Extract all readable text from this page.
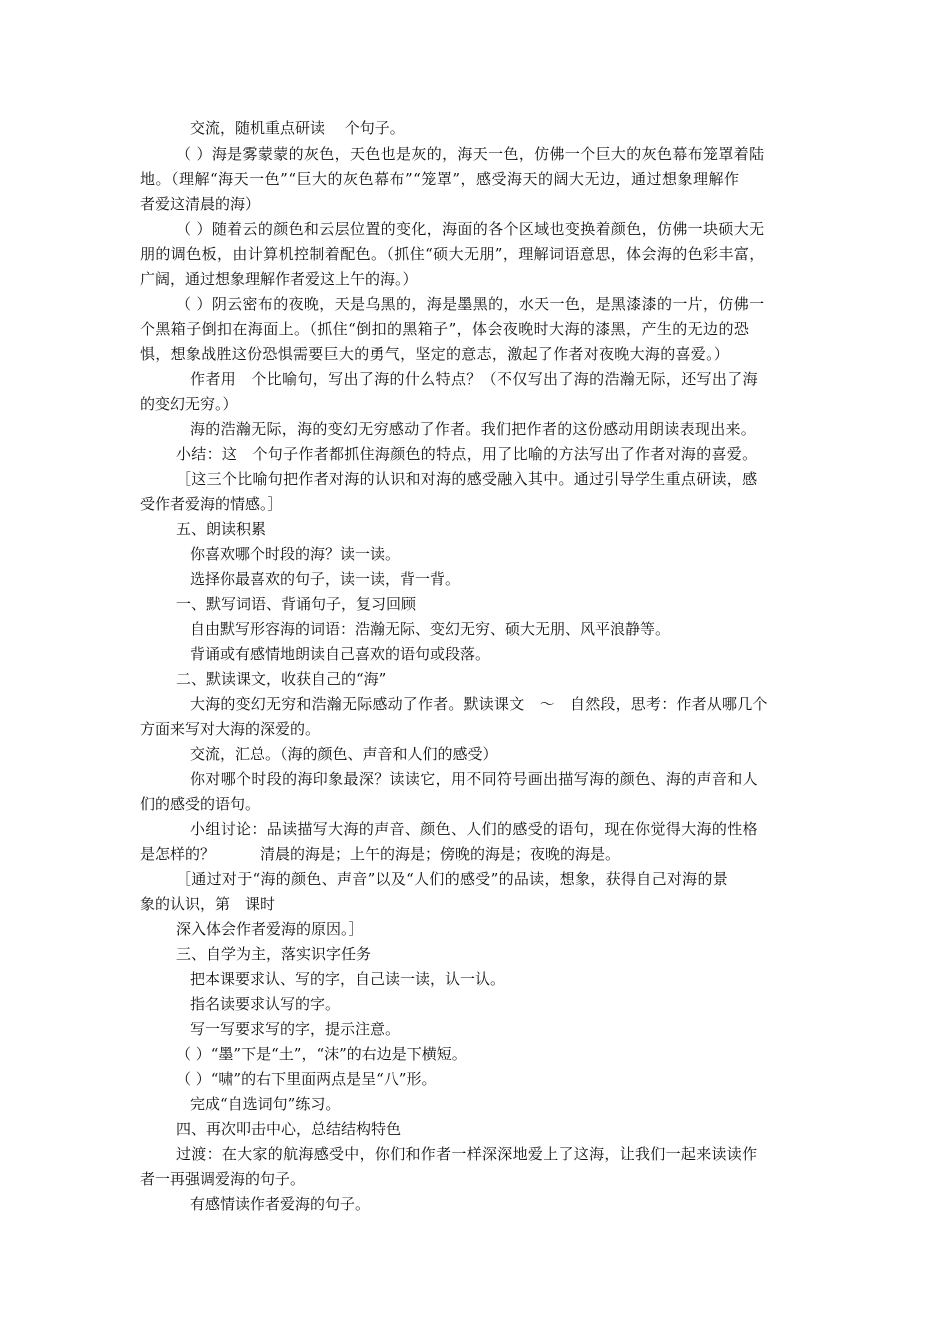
交流，随机重点研读　 个句子。
（ ）海是雾蒙蒙的灰色，天色也是灰的，海天一色，仿佛一个巨大的灰色幕布笼罩着陆
地。（理解“海天一色”“巨大的灰色幕布”“笼罩”，感受海天的阔大无边，通过想象理解作
者爱这清晨的海）
（ ）随着云的颜色和云层位置的变化，海面的各个区域也变换着颜色，仿佛一块硕大无
朋的调色板，由计算机控制着配色。（抓住“硕大无朋”，理解词语意思，体会海的色彩丰富，
广阔，通过想象理解作者爱这上午的海。）
（ ）阴云密布的夜晚，天是乌黑的，海是墨黑的，水天一色，是黑漆漆的一片，仿佛一
个黑箱子倒扣在海面上。（抓住“倒扣的黑箱子”，体会夜晚时大海的漆黑，产生的无边的恐
惧，想象战胜这份恐惧需要巨大的勇气，坚定的意志，激起了作者对夜晚大海的喜爱。）
作者用　个比喻句，写出了海的什么特点？（不仅写出了海的浩瀚无际，还写出了海
的变幻无穷。）
海的浩瀚无际，海的变幻无穷感动了作者。我们把作者的这份感动用朗读表现出来。
小结：这　个句子作者都抓住海颜色的特点，用了比喻的方法写出了作者对海的喜爱。
［这三个比喻句把作者对海的认识和对海的感受融入其中。通过引导学生重点研读，感
受作者爱海的情感。］
五、朗读积累
你喜欢哪个时段的海？读一读。
选择你最喜欢的句子，读一读，背一背。
一、默写词语、背诵句子，复习回顾
自由默写形容海的词语：浩瀚无际、变幻无穷、硕大无朋、风平浪静等。
背诵或有感情地朗读自己喜欢的语句或段落。
二、默读课文，收获自己的“海”
大海的变幻无穷和浩瀚无际感动了作者。默读课文　～　自然段，思考：作者从哪几个
方面来写对大海的深爱的。
交流，汇总。（海的颜色、声音和人们的感受）
你对哪个时段的海印象最深？读读它，用不同符号画出描写海的颜色、海的声音和人
们的感受的语句。
小组讨论：品读描写大海的声音、颜色、人们的感受的语句，现在你觉得大海的性格
是怎样的？　　　清晨的海是；上午的海是；傍晚的海是；夜晚的海是。
［通过对于“海的颜色、声音”以及“人们的感受”的品读，想象，获得自己对海的景
象的认识，第　课时
深入体会作者爱海的原因。］
三、自学为主，落实识字任务
把本课要求认、写的字，自己读一读，认一认。
指名读要求认写的字。
写一写要求写的字，提示注意。
（ ）“墨”下是“土”，“沫”的右边是下横短。
（ ）“啸”的右下里面两点是呈“八”形。
完成“自选词句”练习。
四、再次叩击中心，总结结构特色
过渡：在大家的航海感受中，你们和作者一样深深地爱上了这海，让我们一起来读读作
者一再强调爱海的句子。
有感情读作者爱海的句子。
